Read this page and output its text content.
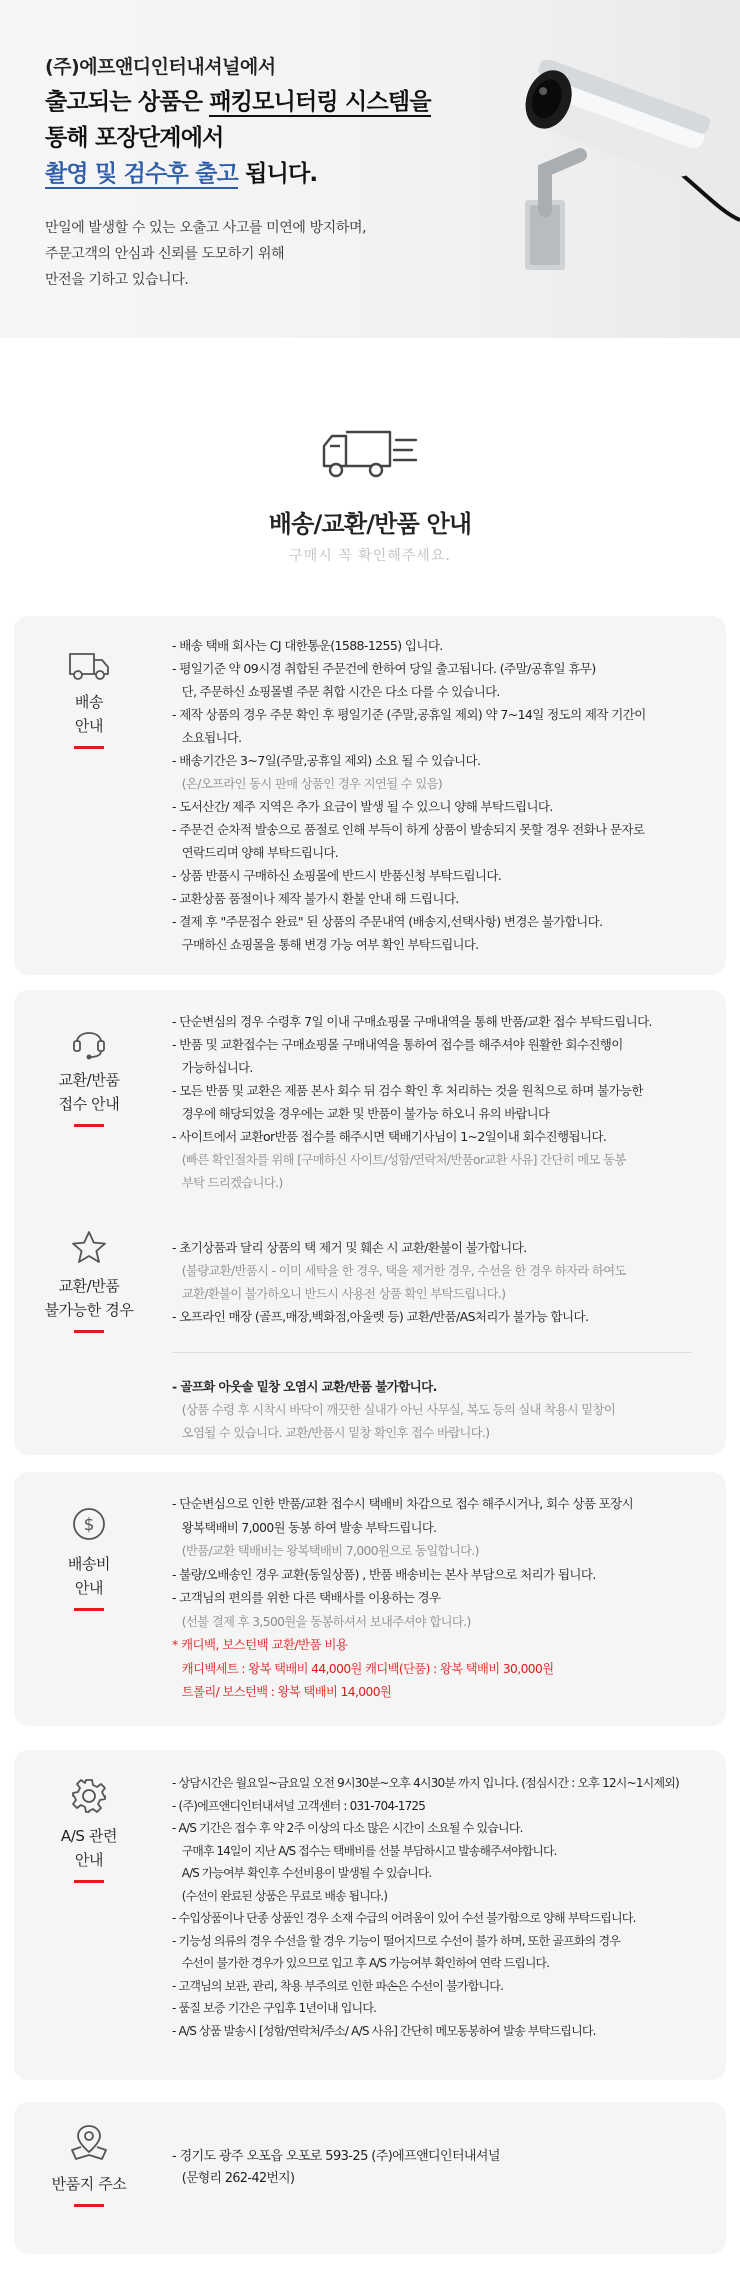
(주)에프앤디인터내셔널에서
출고되는 상품은 패킹모니터링 시스템을
통해 포장단계에서
촬영 및 검수후 출고 됩니다.
만일에 발생할 수 있는 오출고 사고를 미연에 방지하며,
주문고객의 안심과 신뢰를 도모하기 위해
만전을 기하고 있습니다.
배송/교환/반품 안내
구매시 꼭 확인해주세요.
배송
안내

- 배송 택배 회사는 CJ 대한통운(1588-1255) 입니다.

- 평일기준 약 09시경 취합된 주문건에 한하여 당일 출고됩니다. (주말/공휴일 휴무)

단, 주문하신 쇼핑몰별 주문 취합 시간은 다소 다를 수 있습니다.

- 제작 상품의 경우 주문 확인 후 평일기준 (주말,공휴일 제외) 약 7~14일 정도의 제작 기간이

소요됩니다.

- 배송기간은 3~7일(주말,공휴일 제외) 소요 될 수 있습니다.

(온/오프라인 동시 판매 상품인 경우 지연될 수 있음)

- 도서산간/ 제주 지역은 추가 요금이 발생 될 수 있으니 양해 부탁드립니다.

- 주문건 순차적 발송으로 품절로 인해 부득이 하게 상품이 발송되지 못할 경우 전화나 문자로

연락드리며 양해 부탁드립니다.

- 상품 반품시 구매하신 쇼핑몰에 반드시 반품신청 부탁드립니다.

- 교환상품 품절이나 제작 불가시 환불 안내 해 드립니다.

- 결제 후 "주문접수 완료" 된 상품의 주문내역 (배송지,선택사항) 변경은 불가합니다.

구매하신 쇼핑몰을 통해 변경 가능 여부 확인 부탁드립니다.

교환/반품
접수 안내
교환/반품
불가능한 경우

- 단순변심의 경우 수령후 7일 이내 구매쇼핑몰 구매내역을 통해 반품/교환 접수 부탁드립니다.

- 반품 및 교환접수는 구매쇼핑몰 구매내역을 통하여 접수를 해주셔야 원활한 회수진행이

가능하십니다.

- 모든 반품 및 교환은 제품 본사 회수 뒤 검수 확인 후 처리하는 것을 원칙으로 하며 불가능한

경우에 해당되었을 경우에는 교환 및 반품이 불가능 하오니 유의 바랍니다

- 사이트에서 교환or반품 접수를 해주시면 택배기사님이 1~2일이내 회수진행됩니다.

(빠른 확인절차를 위해 [구매하신 사이트/성함/연락처/반품or교환 사유] 간단히 메모 동봉

부탁 드리겠습니다.)

- 초기상품과 달리 상품의 택 제거 및 훼손 시 교환/환불이 불가합니다.

(불량교환/반품시 - 이미 세탁을 한 경우, 택을 제거한 경우, 수선을 한 경우 하자라 하여도

교환/환불이 불가하오니 반드시 사용전 상품 확인 부탁드립니다.)

- 오프라인 매장 (골프,매장,백화점,아울렛 등) 교환/반품/AS처리가 불가능 합니다.

- 골프화 아웃솔 밑창 오염시 교환/반품 불가합니다.

(상품 수령 후 시착시 바닥이 깨끗한 실내가 아닌 사무실, 복도 등의 실내 착용시 밑창이

오염될 수 있습니다. 교환/반품시 밑창 확인후 접수 바랍니다.)

$
배송비
안내

- 단순변심으로 인한 반품/교환 접수시 택배비 차감으로 접수 해주시거나, 회수 상품 포장시

왕복택배비 7,000원 동봉 하여 발송 부탁드립니다.

(반품/교환 택배비는 왕복택배비 7,000원으로 동일합니다.)

- 불량/오배송인 경우 교환(동일상품) , 반품 배송비는 본사 부담으로 처리가 됩니다.

- 고객님의 편의를 위한 다른 택배사를 이용하는 경우

(선불 결제 후 3,500원을 동봉하셔서 보내주셔야 합니다.)

* 캐디백, 보스턴백 교환/반품 비용

캐디백세트 : 왕복 택배비 44,000원 캐디백(단품) : 왕복 택배비 30,000원

트롤리/ 보스턴백 : 왕복 택배비 14,000원

A/S 관련
안내

- 상담시간은 월요일~금요일 오전 9시30분~오후 4시30분 까지 입니다. (점심시간 : 오후 12시~1시제외)

- (주)에프앤디인터내셔널 고객센터 : 031-704-1725

- A/S 기간은 접수 후 약 2주 이상의 다소 많은 시간이 소요될 수 있습니다.

구매후 14일이 지난 A/S 접수는 택배비를 선불 부담하시고 발송해주셔야합니다.

A/S 가능여부 확인후 수선비용이 발생될 수 있습니다.

(수선이 완료된 상품은 무료로 배송 됩니다.)

- 수입상품이나 단종 상품인 경우 소재 수급의 어려움이 있어 수선 불가함으로 양해 부탁드립니다.

- 기능성 의류의 경우 수선을 할 경우 기능이 떨어지므로 수선이 불가 하며, 또한 골프화의 경우

수선이 불가한 경우가 있으므로 입고 후 A/S 가능여부 확인하여 연락 드립니다.

- 고객님의 보관, 관리, 착용 부주의로 인한 파손은 수선이 불가합니다.

- 품질 보증 기간은 구입후 1년이내 입니다.

- A/S 상품 발송시 [성함/연락처/주소/ A/S 사유] 간단히 메모동봉하여 발송 부탁드립니다.

반품지 주소

- 경기도 광주 오포읍 오포로 593-25 (주)에프앤디인터내셔널

(문형리 262-42번지)
